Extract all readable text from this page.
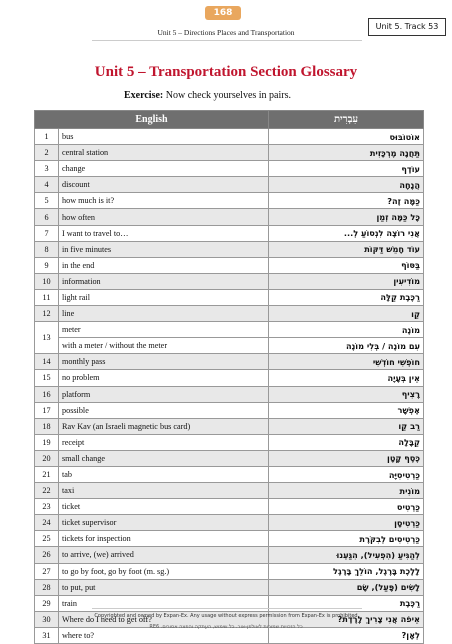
168
Unit 5. Track 53
Unit 5 – Directions Places and Transportation
Unit 5 – Transportation Section Glossary
Exercise: Now check yourselves in pairs.
English		עִבְרִית
1	bus	אוֹטוֹבּוּס
2	central station	תַּחֲנָה מֶרְכָּזִית
3	change	עוֹדֶף
4	discount	הֲנָחָה
5	how much is it?	כַּמָּה זֶה?
6	how often	כָּל כַּמָּה זְמַן
7	I want to travel to…	אֲנִי רוֹצֶה לִנְסוֹעַ לְ...
8	in five minutes	עוֹד חָמֵשׁ דַּקּוֹת
9	in the end	בַּסּוֹף
10	information	מוֹדִיעִין
11	light rail	רַכֶּבֶת קַלָּה
12	line	קַו
13	meter	מוֹנֶה
	with a meter / without the meter	עִם מוֹנֶה / בְּלִי מוֹנֶה
14	monthly pass	חוֹפְשִׁי חוֹדְשִׁי
15	no problem	אֵין בְּעָיָה
16	platform	רָצִיף
17	possible	אֶפְשָׁר
18	Rav Kav (an Israeli magnetic bus card)	רַב קַו
19	receipt	קַבָּלָה
20	small change	כֶּסֶף קָטָן
21	tab	כַּרְטִיסִיָּה
22	taxi	מוֹנִית
23	ticket	כַּרְטִיס
24	ticket supervisor	כַּרְטִיסָן
25	tickets for inspection	כַּרְטִיסִים לְבִקֹּרֶת
26	to arrive, (we) arrived	לְהַגִּיעַ (הִפְעִיל), הִגַּעְנוּ
27	to go by foot, go by foot (m. sg.)	לָלֶכֶת בָּרֶגֶל, הוֹלֵךְ בָּרֶגֶל
28	to put, put	לָשִׂים (פָּעַל), שָׂם
29	train	רַכֶּבֶת
30	Where do I need to get off?	אֵיפֹה אֲנִי צָרִיךְ לָרֶדֶת?
31	where to?	לְאָן?
Copyrighted and owned by Expan-Ex. Any usage without express permission from Expan-Ex is prohibited
כל הזכויות שמורות לאולפן-אור. כל שימוש, העתקה והפצה אסורים. RE6
